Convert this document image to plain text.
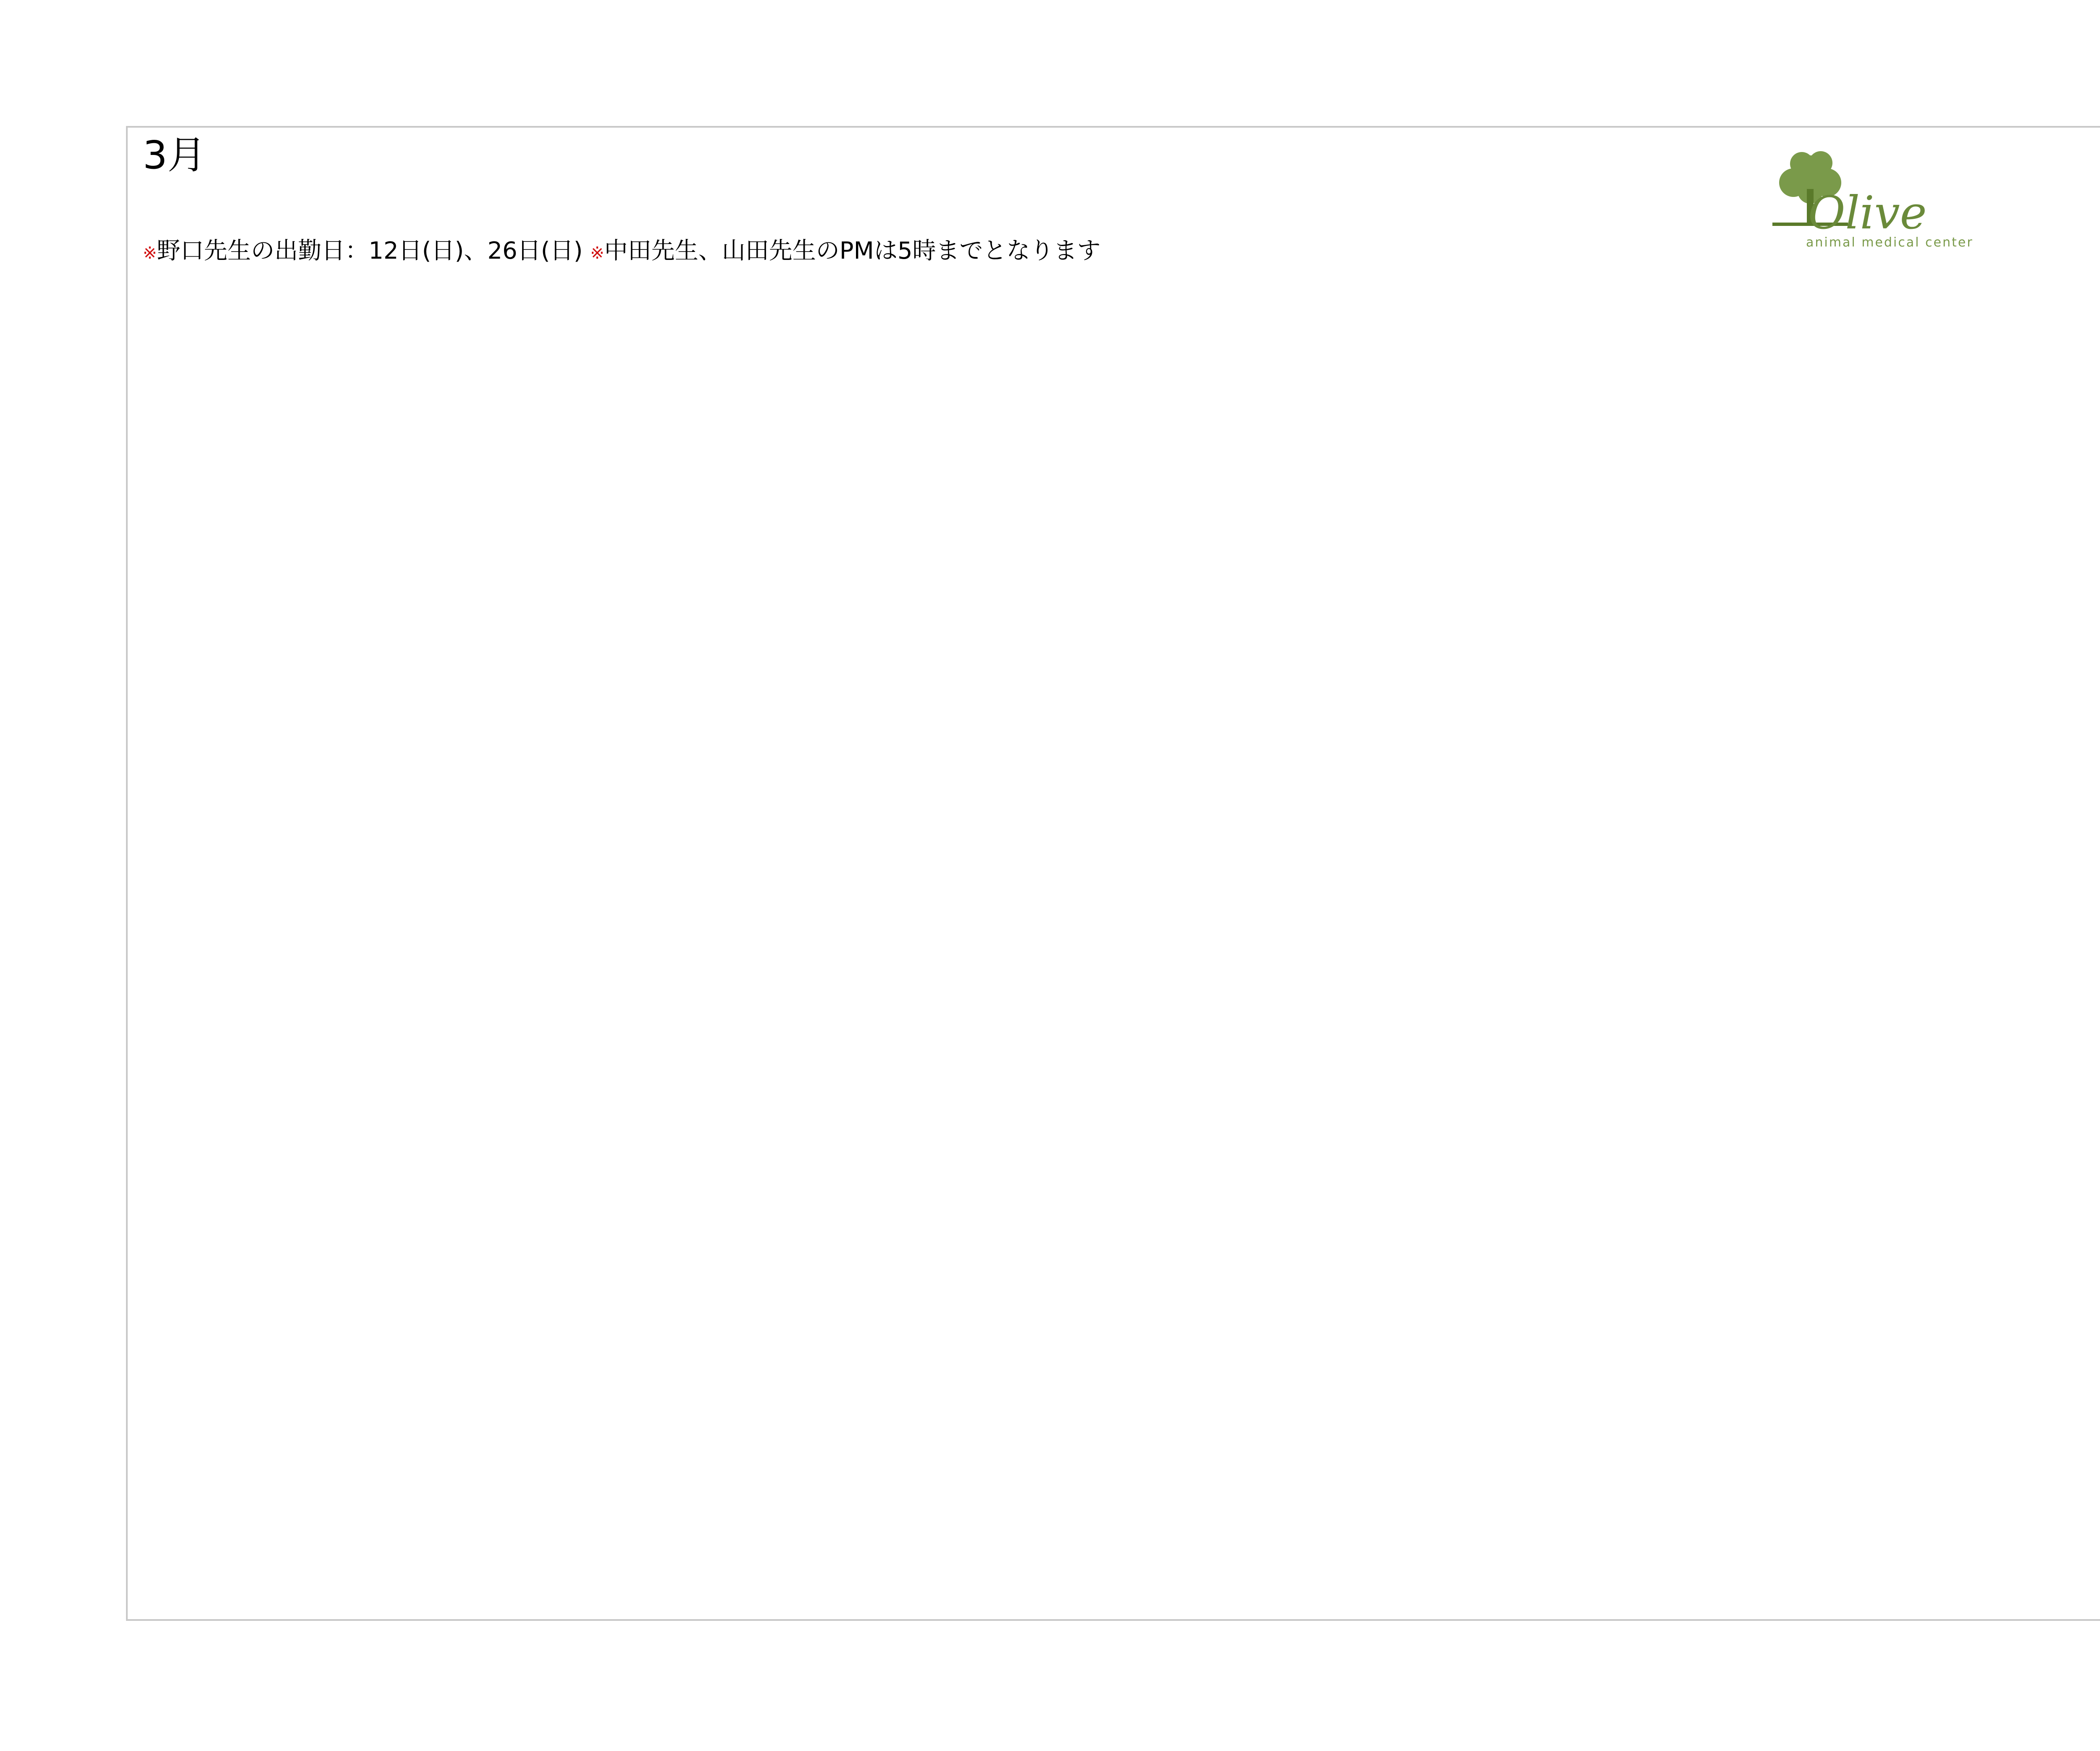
3月
※野口先生の出勤日：12日(日)、26日(日) ※中田先生、山田先生のPMは5時までとなります
Olive
animal medical center
